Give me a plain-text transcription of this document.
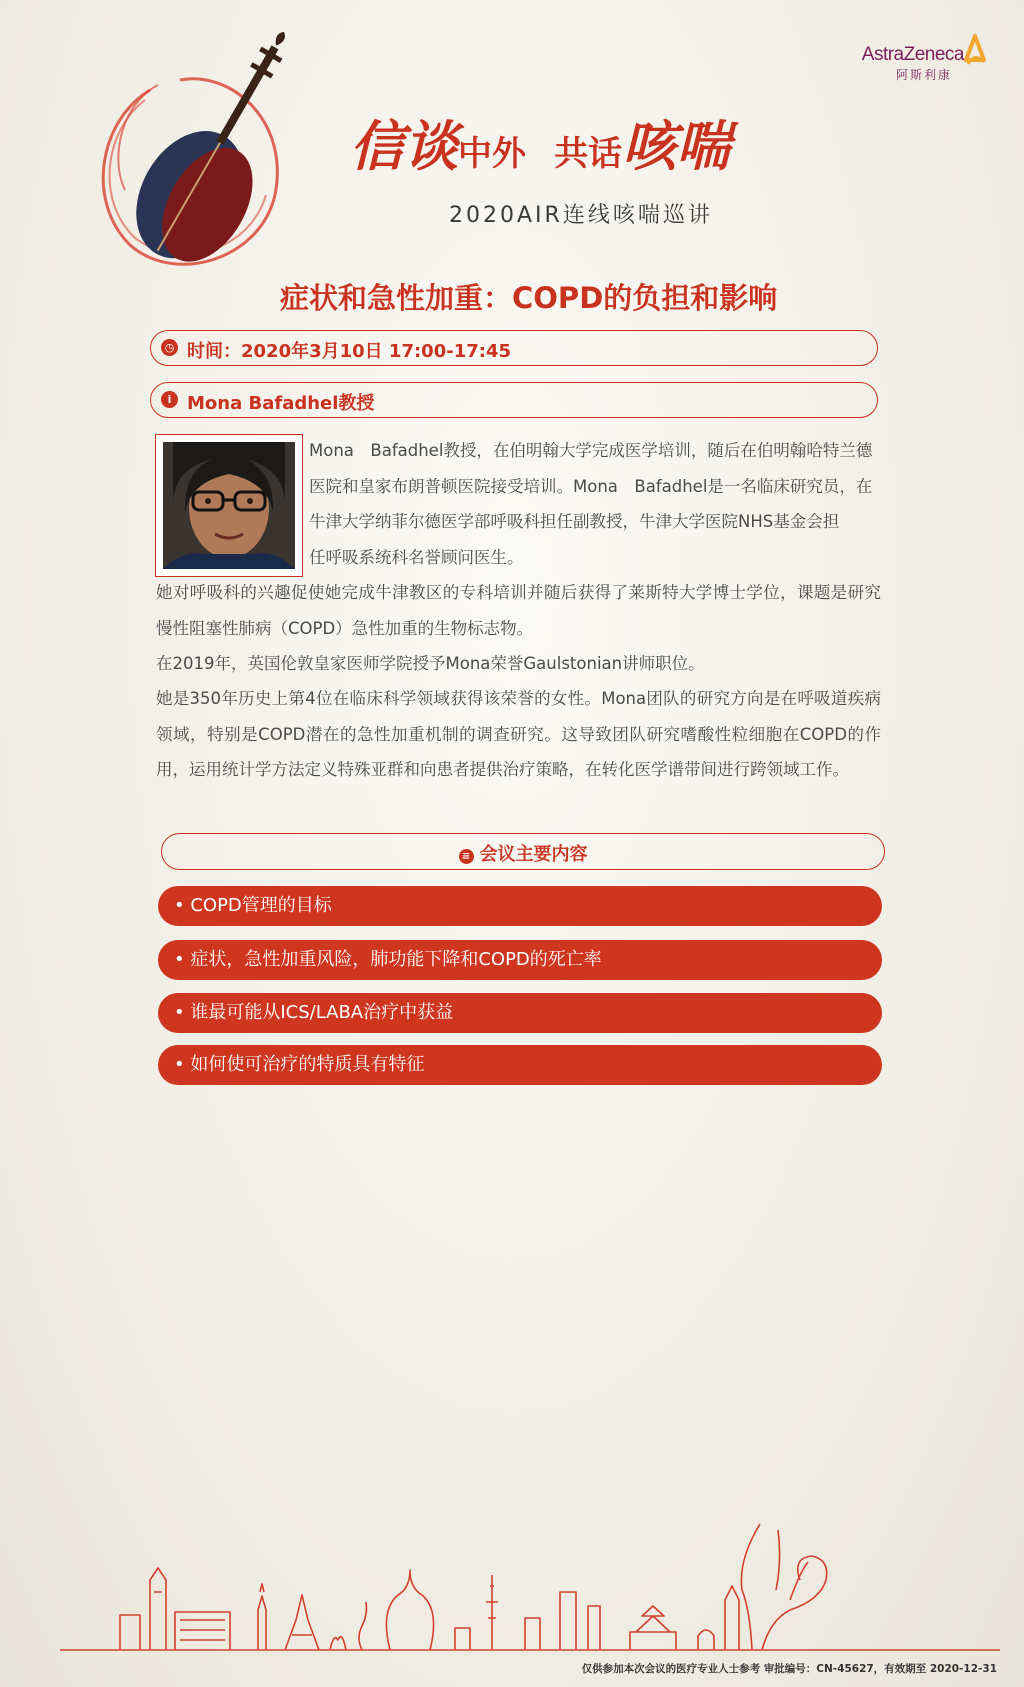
AstraZeneca
阿斯利康
信谈中外 共话咳喘
2020AIR连线咳喘巡讲
症状和急性加重：COPD的负担和影响
◷ 时间：2020年3月10日 17:00-17:45
i Mona Bafadhel教授
Mona　Bafadhel教授，在伯明翰大学完成医学培训，随后在伯明翰哈特兰德
医院和皇家布朗普顿医院接受培训。Mona　Bafadhel是一名临床研究员，在
牛津大学纳菲尔德医学部呼吸科担任副教授，牛津大学医院NHS基金会担
任呼吸系统科名誉顾问医生。
她对呼吸科的兴趣促使她完成牛津教区的专科培训并随后获得了莱斯特大学博士学位，课题是研究慢性阻塞性肺病（COPD）急性加重的生物标志物。
在2019年，英国伦敦皇家医师学院授予Mona荣誉Gaulstonian讲师职位。
她是350年历史上第4位在临床科学领域获得该荣誉的女性。Mona团队的研究方向是在呼吸道疾病领域，特别是COPD潜在的急性加重机制的调查研究。这导致团队研究嗜酸性粒细胞在COPD的作用，运用统计学方法定义特殊亚群和向患者提供治疗策略，在转化医学谱带间进行跨领域工作。
≡ 会议主要内容
• COPD管理的目标
• 症状，急性加重风险，肺功能下降和COPD的死亡率
• 谁最可能从ICS/LABA治疗中获益
• 如何使可治疗的特质具有特征
仅供参加本次会议的医疗专业人士参考 审批编号：CN-45627，有效期至 2020-12-31
